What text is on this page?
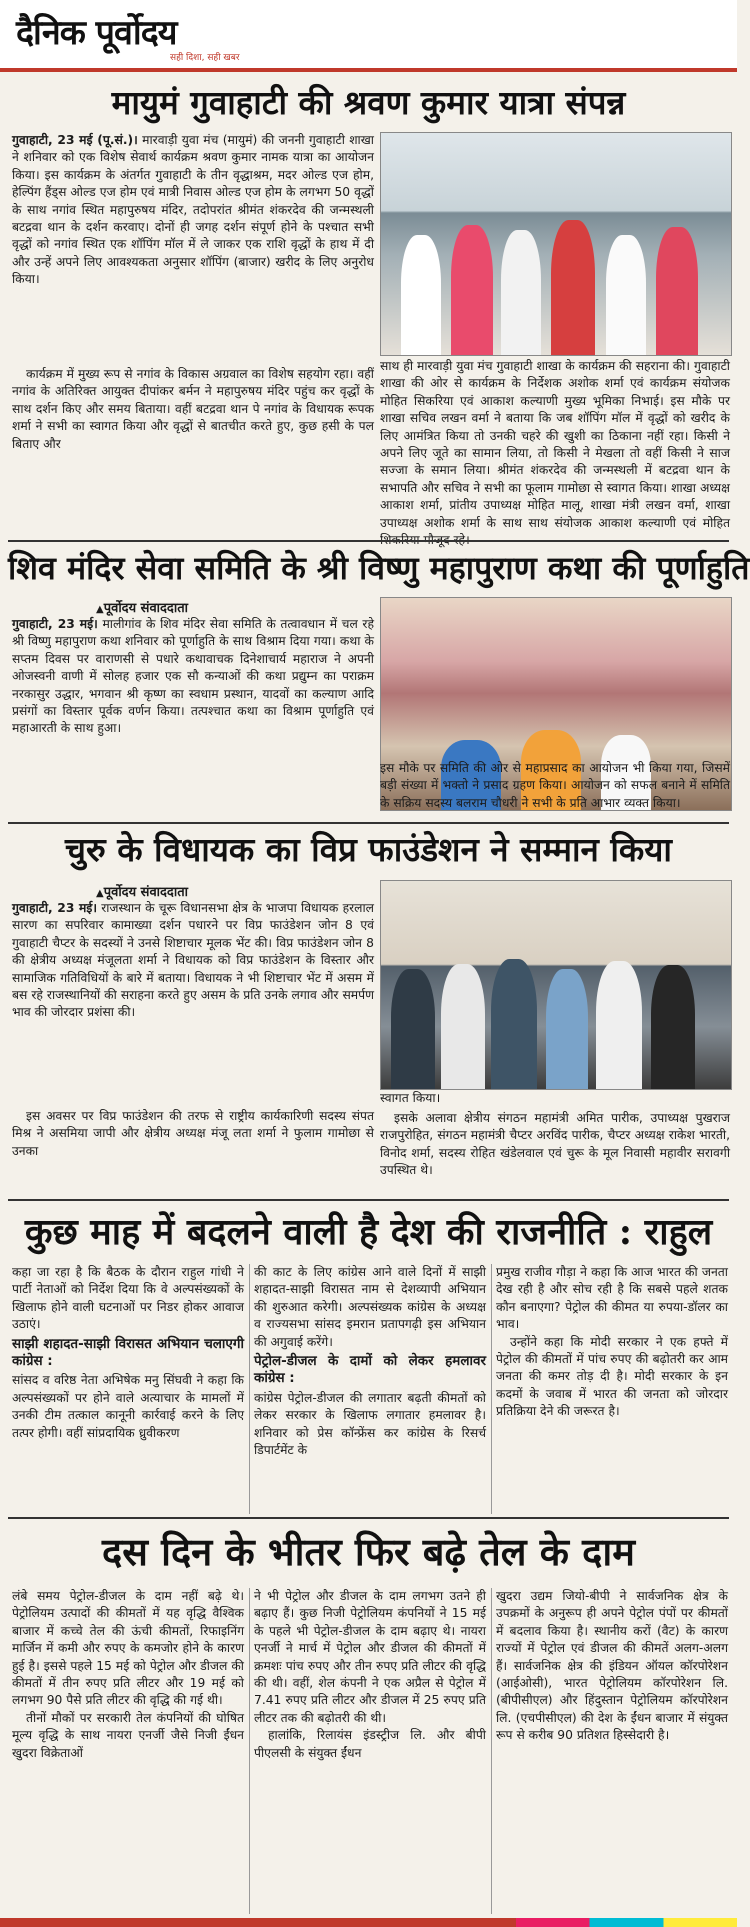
दैनिक पूर्वोदय
सही दिशा, सही खबर
मायुमं गुवाहाटी की श्रवण कुमार यात्रा संपन्न
गुवाहाटी, 23 मई (पू.सं.)। मारवाड़ी युवा मंच (मायुमं) की जननी गुवाहाटी शाखा ने शनिवार को एक विशेष सेवार्थ कार्यक्रम श्रवण कुमार नामक यात्रा का आयोजन किया। इस कार्यक्रम के अंतर्गत गुवाहाटी के तीन वृद्धाश्रम, मदर ओल्ड एज होम, हेल्पिंग हैंड्स ओल्ड एज होम एवं मात्री निवास ओल्ड एज होम के लगभग 50 वृद्धों के साथ नगांव स्थित महापुरुषय मंदिर, तदोपरांत श्रीमंत शंकरदेव की जन्मस्थली बटद्रवा थान के दर्शन करवाए। दोनों ही जगह दर्शन संपूर्ण होने के पश्चात सभी वृद्धों को नगांव स्थित एक शॉपिंग मॉल में ले जाकर एक राशि वृद्धों के हाथ में दी और उन्हें अपने लिए आवश्यकता अनुसार शॉपिंग (बाजार) खरीद के लिए अनुरोध किया।
कार्यक्रम में मुख्य रूप से नगांव के विकास अग्रवाल का विशेष सहयोग रहा। वहीं नगांव के अतिरिक्त आयुक्त दीपांकर बर्मन ने महापुरुषय मंदिर पहुंच कर वृद्धों के साथ दर्शन किए और समय बिताया। वहीं बटद्रवा थान पे नगांव के विधायक रूपक शर्मा ने सभी का स्वागत किया और वृद्धों से बातचीत करते हुए, कुछ हसी के पल बिताए और
साथ ही मारवाड़ी युवा मंच गुवाहाटी शाखा के कार्यक्रम की सहराना की। गुवाहाटी शाखा की ओर से कार्यक्रम के निर्देशक अशोक शर्मा एवं कार्यक्रम संयोजक मोहित सिकरिया एवं आकाश कल्याणी मुख्य भूमिका निभाई। इस मौके पर शाखा सचिव लखन वर्मा ने बताया कि जब शॉपिंग मॉल में वृद्धों को खरीद के लिए आमंत्रित किया तो उनकी चहरे की खुशी का ठिकाना नहीं रहा। किसी ने अपने लिए जूते का सामान लिया, तो किसी ने मेखला तो वहीं किसी ने साज सज्जा के समान लिया। श्रीमंत शंकरदेव की जन्मस्थली में बटद्रवा थान के सभापति और सचिव ने सभी का फूलाम गामोछा से स्वागत किया। शाखा अध्यक्ष आकाश शर्मा, प्रांतीय उपाध्यक्ष मोहित मालू, शाखा मंत्री लखन वर्मा, शाखा उपाध्यक्ष अशोक शर्मा के साथ साथ संयोजक आकाश कल्याणी एवं मोहित
शिव मंदिर सेवा समिति के श्री विष्णु महापुराण कथा की पूर्णाहुति
▲ पूर्वोदय संवाददाता
गुवाहाटी, 23 मई। मालीगांव के शिव मंदिर सेवा समिति के तत्वावधान में चल रहे श्री विष्णु महापुराण कथा शनिवार को पूर्णाहुति के साथ विश्राम दिया गया। कथा के सप्तम दिवस पर वाराणसी से पधारे कथावाचक दिनेशाचार्य महाराज ने अपनी ओजस्वनी वाणी में सोलह हजार एक सौ कन्याओं की कथा प्रद्युम्न का पराक्रम नरकासुर उद्धार, भगवान श्री कृष्ण का स्वधाम प्रस्थान, यादवों का कल्याण आदि प्रसंगों का विस्तार पूर्वक वर्णन किया। तत्पश्चात कथा का विश्राम पूर्णाहुति एवं महाआरती के साथ हुआ।
इस मौके पर समिति की ओर से महाप्रसाद का आयोजन भी किया गया, जिसमें बड़ी संख्या में भक्तो ने प्रसाद ग्रहण किया। आयोजन को सफल बनाने में समिति के सक्रिय सदस्य बलराम चौधरी ने सभी के प्रति आभार व्यक्त किया।
चुरु के विधायक का विप्र फाउंडेशन ने सम्मान किया
▲ पूर्वोदय संवाददाता
गुवाहाटी, 23 मई। राजस्थान के चूरू विधानसभा क्षेत्र के भाजपा विधायक हरलाल सारण का सपरिवार कामाख्या दर्शन पधारने पर विप्र फाउंडेशन जोन 8 एवं गुवाहाटी चैप्टर के सदस्यों ने उनसे शिष्टाचार मूलक भेंट की। विप्र फाउंडेशन जोन 8 की क्षेत्रीय अध्यक्ष मंजूलता शर्मा ने विधायक को विप्र फाउंडेशन के विस्तार और सामाजिक गतिविधियों के बारे में बताया। विधायक ने भी शिष्टाचार भेंट में असम में बस रहे राजस्थानियों की सराहना करते हुए असम के प्रति उनके लगाव और समर्पण भाव की जोरदार प्रशंसा की।
इस अवसर पर विप्र फाउंडेशन की तरफ से राष्ट्रीय कार्यकारिणी सदस्य संपत मिश्र ने असमिया जापी और क्षेत्रीय अध्यक्ष मंजू लता शर्मा ने फुलाम गामोछा से उनका
स्वागत किया।
इसके अलावा क्षेत्रीय संगठन महामंत्री अमित पारीक, उपाध्यक्ष पुखराज राजपुरोहित, संगठन महामंत्री चैप्टर अरविंद पारीक, चैप्टर अध्यक्ष राकेश भारती, विनोद शर्मा, सदस्य रोहित खंडेलवाल एवं चुरू के मूल निवासी महावीर सरावगी उपस्थित थे।
कुछ माह में बदलने वाली है देश की राजनीति : राहुल
कहा जा रहा है कि बैठक के दौरान राहुल गांधी ने पार्टी नेताओं को निर्देश दिया कि वे अल्पसंख्यकों के खिलाफ होने वाली घटनाओं पर निडर होकर आवाज उठाएं।
साझी शहादत-साझी विरासत अभियान चलाएगी कांग्रेस :
सांसद व वरिष्ठ नेता अभिषेक मनु सिंघवी ने कहा कि अल्पसंख्यकों पर होने वाले अत्याचार के मामलों में उनकी टीम तत्काल कानूनी कार्रवाई करने के लिए तत्पर होगी। वहीं सांप्रदायिक ध्रुवीकरण
की काट के लिए कांग्रेस आने वाले दिनों में साझी शहादत-साझी विरासत नाम से देशव्यापी अभियान की शुरुआत करेगी। अल्पसंख्यक कांग्रेस के अध्यक्ष व राज्यसभा सांसद इमरान प्रतापगढ़ी इस अभियान की अगुवाई करेंगे।
पेट्रोल-डीजल के दामों को लेकर हमलावर कांग्रेस :
कांग्रेस पेट्रोल-डीजल की लगातार बढ़ती कीमतों को लेकर सरकार के खिलाफ लगातार हमलावर है। शनिवार को प्रेस कॉन्फ्रेंस कर कांग्रेस के रिसर्च डिपार्टमेंट के
प्रमुख राजीव गौड़ा ने कहा कि आज भारत की जनता देख रही है और सोच रही है कि सबसे पहले शतक कौन बनाएगा? पेट्रोल की कीमत या रुपया-डॉलर का भाव।
उन्होंने कहा कि मोदी सरकार ने एक हफ्ते में पेट्रोल की कीमतों में पांच रुपए की बढ़ोतरी कर आम जनता की कमर तोड़ दी है। मोदी सरकार के इन कदमों के जवाब में भारत की जनता को जोरदार प्रतिक्रिया देने की जरूरत है।
दस दिन के भीतर फिर बढ़े तेल के दाम
लंबे समय पेट्रोल-डीजल के दाम नहीं बढ़े थे। पेट्रोलियम उत्पादों की कीमतों में यह वृद्धि वैश्विक बाजार में कच्चे तेल की ऊंची कीमतों, रिफाइनिंग मार्जिन में कमी और रुपए के कमजोर होने के कारण हुई है। इससे पहले 15 मई को पेट्रोल और डीजल की कीमतों में तीन रुपए प्रति लीटर और 19 मई को लगभग 90 पैसे प्रति लीटर की वृद्धि की गई थी।
तीनों मौकों पर सरकारी तेल कंपनियों की घोषित मूल्य वृद्धि के साथ नायरा एनर्जी जैसे निजी ईंधन खुदरा विक्रेताओं
ने भी पेट्रोल और डीजल के दाम लगभग उतने ही बढ़ाए हैं। कुछ निजी पेट्रोलियम कंपनियों ने 15 मई के पहले भी पेट्रोल-डीजल के दाम बढ़ाए थे। नायरा एनर्जी ने मार्च में पेट्रोल और डीजल की कीमतों में क्रमशः पांच रुपए और तीन रुपए प्रति लीटर की वृद्धि की थी। वहीं, शेल कंपनी ने एक अप्रैल से पेट्रोल में 7.41 रुपए प्रति लीटर और डीजल में 25 रुपए प्रति लीटर तक की बढ़ोतरी की थी।
हालांकि, रिलायंस इंडस्ट्रीज लि. और बीपी पीएलसी के संयुक्त ईंधन
खुदरा उद्यम जियो-बीपी ने सार्वजनिक क्षेत्र के उपक्रमों के अनुरूप ही अपने पेट्रोल पंपों पर कीमतों में बदलाव किया है। स्थानीय करों (वैट) के कारण राज्यों में पेट्रोल एवं डीजल की कीमतें अलग-अलग हैं। सार्वजनिक क्षेत्र की इंडियन ऑयल कॉरपोरेशन (आईओसी), भारत पेट्रोलियम कॉरपोरेशन लि. (बीपीसीएल) और हिंदुस्तान पेट्रोलियम कॉरपोरेशन लि. (एचपीसीएल) की देश के ईंधन बाजार में संयुक्त रूप से करीब 90 प्रतिशत हिस्सेदारी है।
